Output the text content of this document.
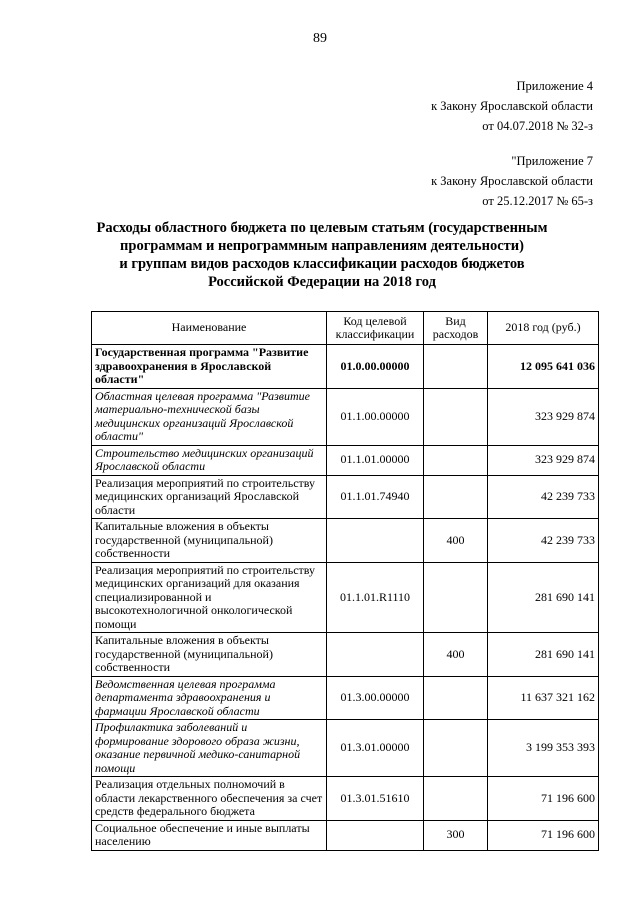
89
Приложение 4
к Закону Ярославской области
от 04.07.2018 № 32-з
"Приложение 7
к Закону Ярославской области
от 25.12.2017 № 65-з
Расходы областного бюджета по целевым статьям (государственным
программам и непрограммным направлениям деятельности)
и группам видов расходов классификации расходов бюджетов
Российской Федерации на 2018 год
Наименование	Код целевой классификации	Вид расходов	2018 год (руб.)
Государственная программа "Развитие здравоохранения в Ярославской области"	01.0.00.00000		12 095 641 036
Областная целевая программа "Развитие материально-технической базы медицинских организаций Ярославской области"	01.1.00.00000		323 929 874
Строительство медицинских организаций Ярославской области	01.1.01.00000		323 929 874
Реализация мероприятий по строительству медицинских организаций Ярославской области	01.1.01.74940		42 239 733
Капитальные вложения в объекты государственной (муниципальной) собственности		400	42 239 733
Реализация мероприятий по строительству медицинских организаций для оказания специализированной и высокотехнологичной онкологической помощи	01.1.01.R1110		281 690 141
Капитальные вложения в объекты государственной (муниципальной) собственности		400	281 690 141
Ведомственная целевая программа департамента здравоохранения и фармации Ярославской области	01.3.00.00000		11 637 321 162
Профилактика заболеваний и формирование здорового образа жизни, оказание первичной медико-санитарной помощи	01.3.01.00000		3 199 353 393
Реализация отдельных полномочий в области лекарственного обеспечения за счет средств федерального бюджета	01.3.01.51610		71 196 600
Социальное обеспечение и иные выплаты населению		300	71 196 600
